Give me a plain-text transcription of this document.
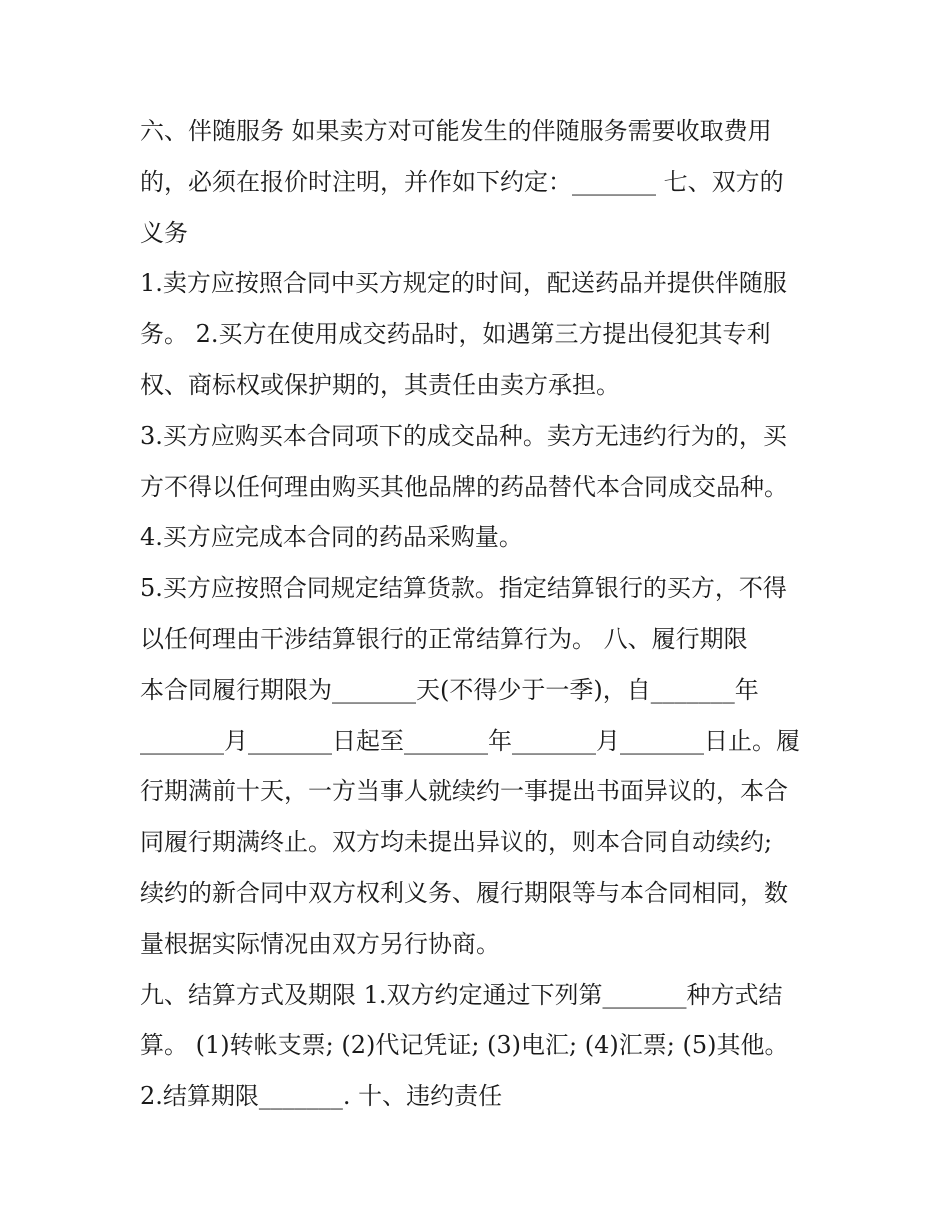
六、伴随服务 如果卖方对可能发生的伴随服务需要收取费用
的，必须在报价时注明，并作如下约定：_______ 七、双方的
义务
1.卖方应按照合同中买方规定的时间，配送药品并提供伴随服
务。 2.买方在使用成交药品时，如遇第三方提出侵犯其专利
权、商标权或保护期的，其责任由卖方承担。
3.买方应购买本合同项下的成交品种。卖方无违约行为的，买
方不得以任何理由购买其他品牌的药品替代本合同成交品种。
4.买方应完成本合同的药品采购量。
5.买方应按照合同规定结算货款。指定结算银行的买方，不得
以任何理由干涉结算银行的正常结算行为。 八、履行期限
本合同履行期限为_______天(不得少于一季)，自_______年
_______月_______日起至_______年_______月_______日止。履
行期满前十天，一方当事人就续约一事提出书面异议的，本合
同履行期满终止。双方均未提出异议的，则本合同自动续约;
续约的新合同中双方权利义务、履行期限等与本合同相同，数
量根据实际情况由双方另行协商。
九、结算方式及期限 1.双方约定通过下列第_______种方式结
算。 (1)转帐支票; (2)代记凭证; (3)电汇; (4)汇票; (5)其他。
2.结算期限_______. 十、违约责任
